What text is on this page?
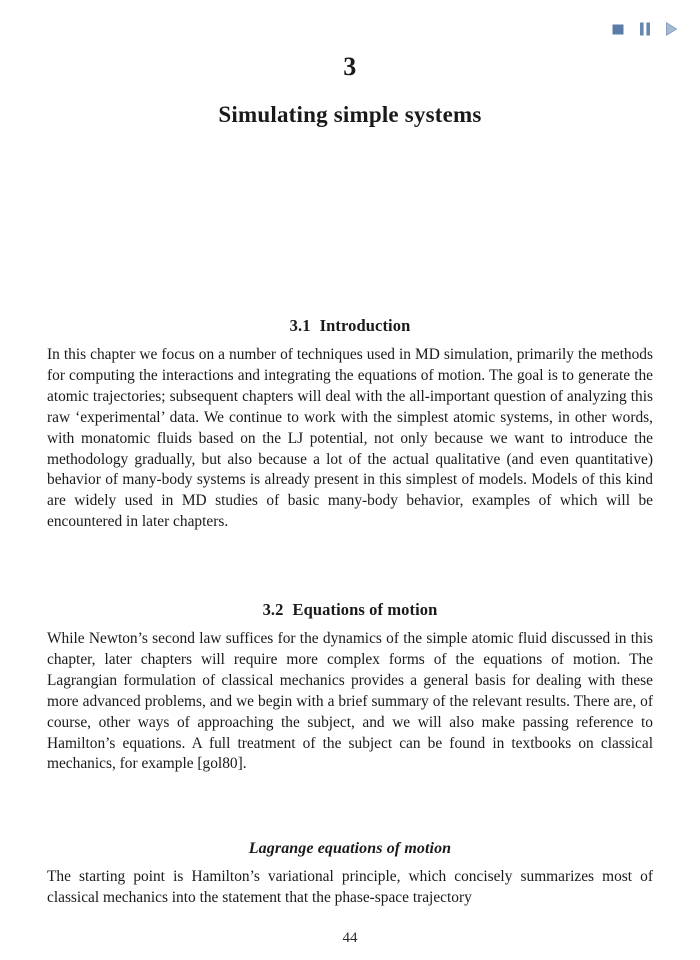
3
Simulating simple systems
3.1 Introduction

In this chapter we focus on a number of techniques used in MD simulation, primarily the methods for computing the interactions and integrating the equations of motion. The goal is to generate the atomic trajectories; subsequent chapters will deal with the all-important question of analyzing this raw ‘experimental’ data. We continue to work with the simplest atomic systems, in other words, with monatomic fluids based on the LJ potential, not only because we want to introduce the methodology gradually, but also because a lot of the actual qualitative (and even quantitative) behavior of many-body systems is already present in this simplest of models. Models of this kind are widely used in MD studies of basic many-body behavior, examples of which will be encountered in later chapters.

3.2 Equations of motion

While Newton’s second law suffices for the dynamics of the simple atomic fluid discussed in this chapter, later chapters will require more complex forms of the equations of motion. The Lagrangian formulation of classical mechanics provides a general basis for dealing with these more advanced problems, and we begin with a brief summary of the relevant results. There are, of course, other ways of approaching the subject, and we will also make passing reference to Hamilton’s equations. A full treatment of the subject can be found in textbooks on classical mechanics, for example [gol80].

Lagrange equations of motion

The starting point is Hamilton’s variational principle, which concisely summarizes most of classical mechanics into the statement that the phase-space trajectory

44
